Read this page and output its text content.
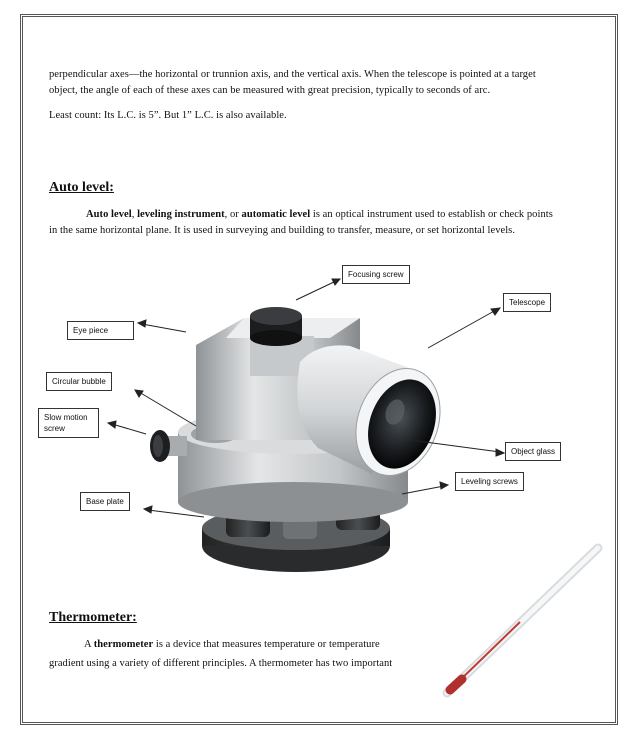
perpendicular axes—the horizontal or trunnion axis, and the vertical axis. When the telescope is pointed at a target
object, the angle of each of these axes can be measured with great precision, typically to seconds of arc.
Least count: Its L.C. is 5”. But 1” L.C. is also available.
Auto level:
Auto level, leveling instrument, or automatic level is an optical instrument used to establish or check points
in the same horizontal plane. It is used in surveying and building to transfer, measure, or set horizontal levels.
Focusing screw
Telescope
Eye piece
Circular bubble
Slow motion
screw
Object glass
Leveling screws
Base plate
Thermometer:
A thermometer is a device that measures temperature or temperature
gradient using a variety of different principles. A thermometer has two important
